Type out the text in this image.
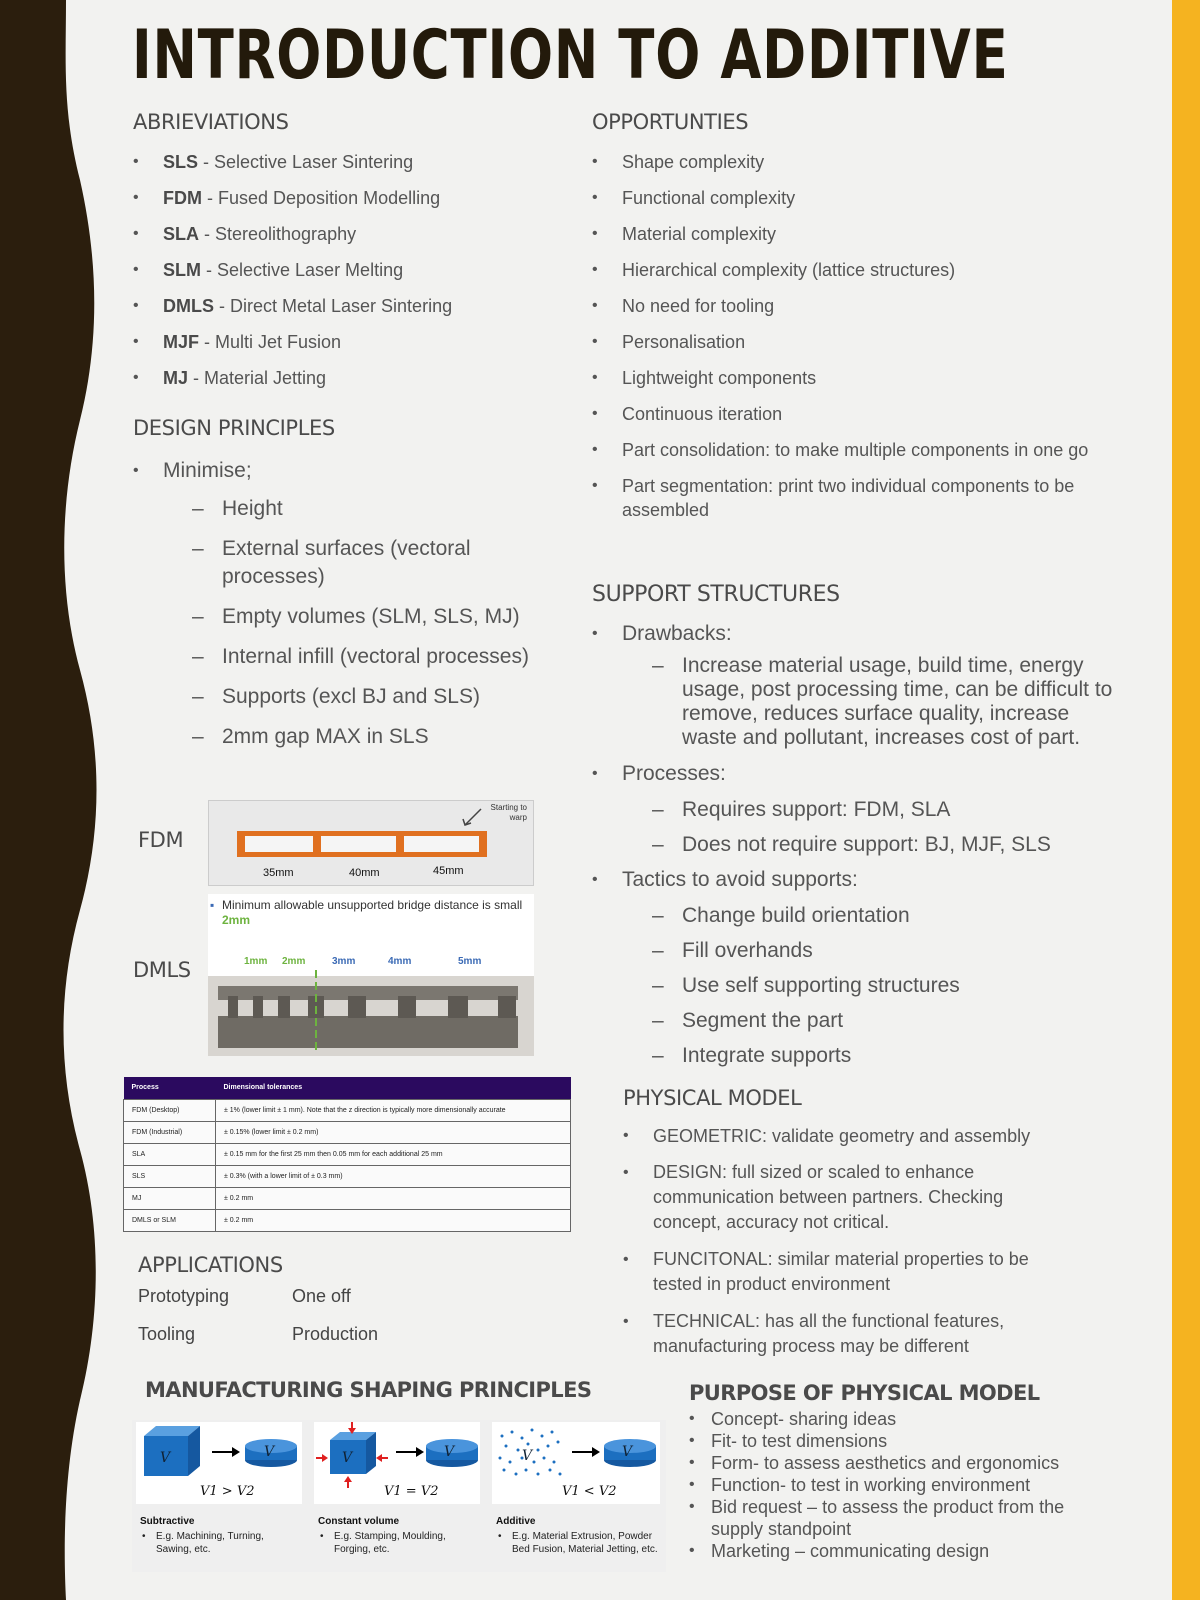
INTRODUCTION TO ADDITIVE
ABRIEVIATIONS
• SLS - Selective Laser Sintering
• FDM - Fused Deposition Modelling
• SLA - Stereolithography
• SLM - Selective Laser Melting
• DMLS - Direct Metal Laser Sintering
• MJF - Multi Jet Fusion
• MJ - Material Jetting
DESIGN PRINCIPLES
• Minimise;
– Height
– External surfaces (vectoral processes)
– Empty volumes (SLM, SLS, MJ)
– Internal infill (vectoral processes)
– Supports (excl BJ and SLS)
– 2mm gap MAX in SLS
FDM
Starting to warp
35mm	40mm	45mm
DMLS
▪ Minimum allowable unsupported bridge distance is small 2mm
1mm 2mm	3mm	4mm	5mm
Process	Dimensional tolerances
FDM (Desktop)	± 1% (lower limit ± 1 mm). Note that the z direction is typically more dimensionally accurate
FDM (Industrial)	± 0.15% (lower limit ± 0.2 mm)
SLA	± 0.15 mm for the first 25 mm then 0.05 mm for each additional 25 mm
SLS	± 0.3% (with a lower limit of ± 0.3 mm)
MJ	± 0.2 mm
DMLS or SLM	± 0.2 mm
APPLICATIONS
Prototyping	One off
Tooling	Production
MANUFACTURING SHAPING PRINCIPLES
V	V
V1 > V2
V	V
V1 = V2
V	V
V1 < V2
Subtractive
• E.g. Machining, Turning, Sawing, etc.
Constant volume
• E.g. Stamping, Moulding, Forging, etc.
Additive
• E.g. Material Extrusion, Powder Bed Fusion, Material Jetting, etc.
OPPORTUNTIES
• Shape complexity
• Functional complexity
• Material complexity
• Hierarchical complexity (lattice structures)
• No need for tooling
• Personalisation
• Lightweight components
• Continuous iteration
• Part consolidation: to make multiple components in one go
• Part segmentation: print two individual components to be assembled
SUPPORT STRUCTURES
• Drawbacks:
– Increase material usage, build time, energy usage, post processing time, can be difficult to remove, reduces surface quality, increase waste and pollutant, increases cost of part.
• Processes:
– Requires support: FDM, SLA
– Does not require support: BJ, MJF, SLS
• Tactics to avoid supports:
– Change build orientation
– Fill overhands
– Use self supporting structures
– Segment the part
– Integrate supports
PHYSICAL MODEL
• GEOMETRIC: validate geometry and assembly
• DESIGN: full sized or scaled to enhance communication between partners. Checking concept, accuracy not critical.
• FUNCITONAL: similar material properties to be tested in product environment
• TECHNICAL: has all the functional features, manufacturing process may be different
PURPOSE OF PHYSICAL MODEL
• Concept- sharing ideas
• Fit- to test dimensions
• Form- to assess aesthetics and ergonomics
• Function- to test in working environment
• Bid request – to assess the product from the supply standpoint
• Marketing – communicating design
